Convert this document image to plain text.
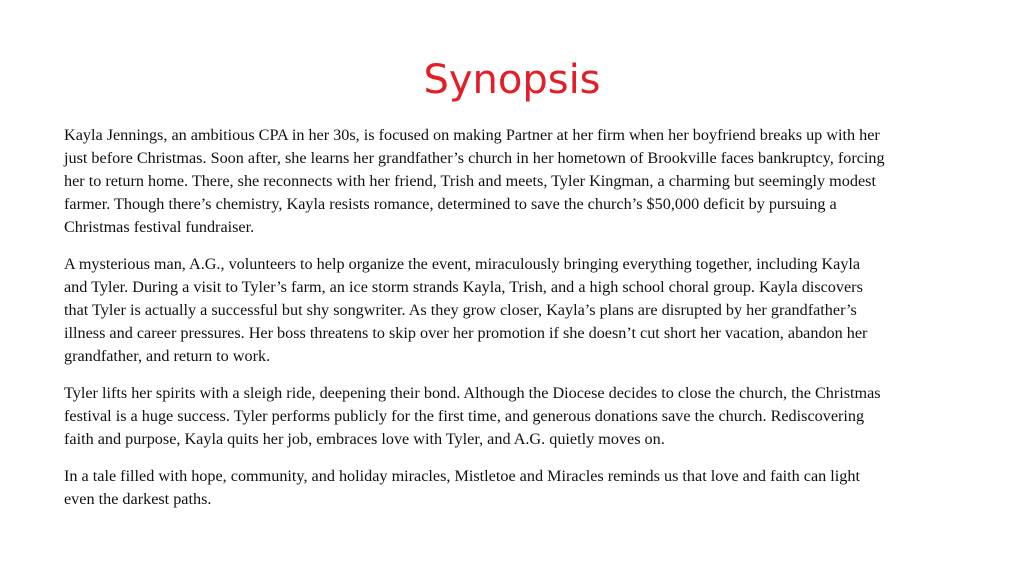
Synopsis

Kayla Jennings, an ambitious CPA in her 30s, is focused on making Partner at her firm when her boyfriend breaks up with her
just before Christmas. Soon after, she learns her grandfather’s church in her hometown of Brookville faces bankruptcy, forcing
her to return home. There, she reconnects with her friend, Trish and meets, Tyler Kingman, a charming but seemingly modest
farmer. Though there’s chemistry, Kayla resists romance, determined to save the church’s $50,000 deficit by pursuing a
Christmas festival fundraiser.

A mysterious man, A.G., volunteers to help organize the event, miraculously bringing everything together, including Kayla
and Tyler. During a visit to Tyler’s farm, an ice storm strands Kayla, Trish, and a high school choral group. Kayla discovers
that Tyler is actually a successful but shy songwriter. As they grow closer, Kayla’s plans are disrupted by her grandfather’s
illness and career pressures. Her boss threatens to skip over her promotion if she doesn’t cut short her vacation, abandon her
grandfather, and return to work.

Tyler lifts her spirits with a sleigh ride, deepening their bond. Although the Diocese decides to close the church, the Christmas
festival is a huge success. Tyler performs publicly for the first time, and generous donations save the church. Rediscovering
faith and purpose, Kayla quits her job, embraces love with Tyler, and A.G. quietly moves on.

In a tale filled with hope, community, and holiday miracles, Mistletoe and Miracles reminds us that love and faith can light
even the darkest paths.
